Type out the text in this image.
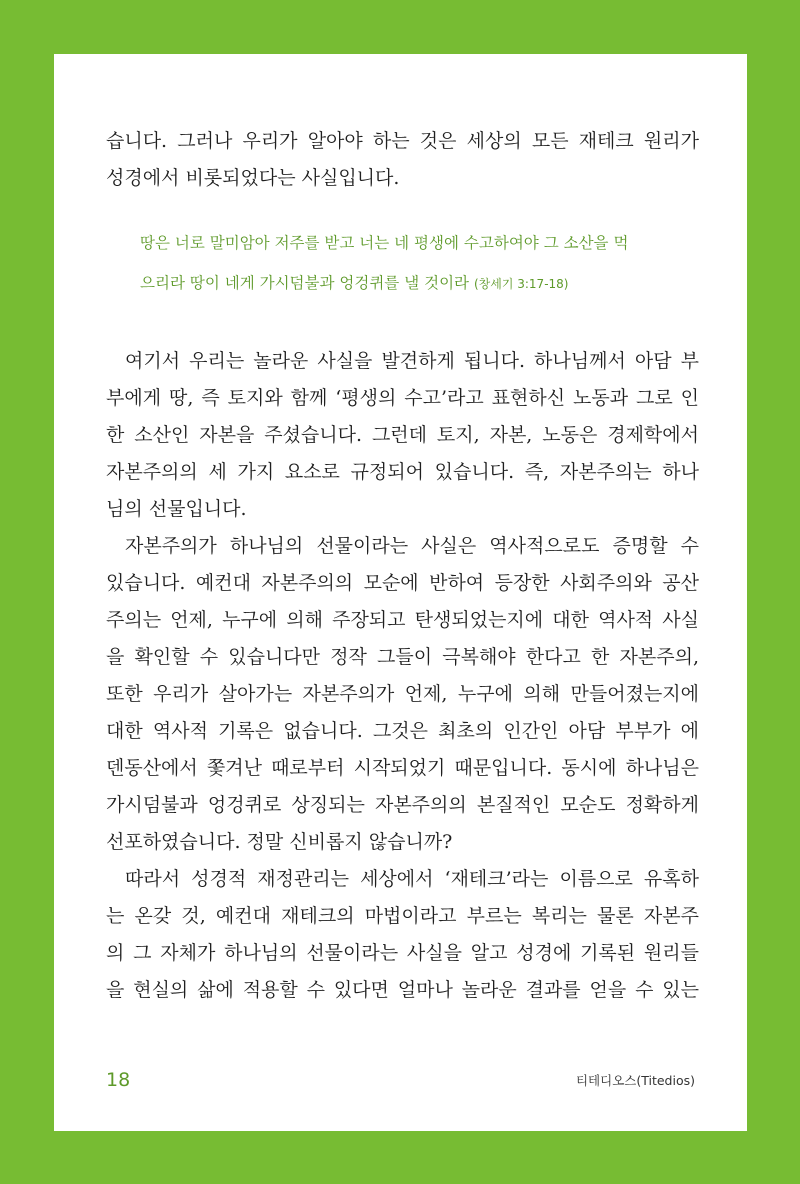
습니다. 그러나 우리가 알아야 하는 것은 세상의 모든 재테크 원리가
성경에서 비롯되었다는 사실입니다.
땅은 너로 말미암아 저주를 받고 너는 네 평생에 수고하여야 그 소산을 먹
으리라 땅이 네게 가시덤불과 엉겅퀴를 낼 것이라 (창세기 3:17-18)
여기서 우리는 놀라운 사실을 발견하게 됩니다. 하나님께서 아담 부
부에게 땅, 즉 토지와 함께 ‘평생의 수고’라고 표현하신 노동과 그로 인
한 소산인 자본을 주셨습니다. 그런데 토지, 자본, 노동은 경제학에서
자본주의의 세 가지 요소로 규정되어 있습니다. 즉, 자본주의는 하나
님의 선물입니다.
자본주의가 하나님의 선물이라는 사실은 역사적으로도 증명할 수
있습니다. 예컨대 자본주의의 모순에 반하여 등장한 사회주의와 공산
주의는 언제, 누구에 의해 주장되고 탄생되었는지에 대한 역사적 사실
을 확인할 수 있습니다만 정작 그들이 극복해야 한다고 한 자본주의,
또한 우리가 살아가는 자본주의가 언제, 누구에 의해 만들어졌는지에
대한 역사적 기록은 없습니다. 그것은 최초의 인간인 아담 부부가 에
덴동산에서 쫓겨난 때로부터 시작되었기 때문입니다. 동시에 하나님은
가시덤불과 엉겅퀴로 상징되는 자본주의의 본질적인 모순도 정확하게
선포하였습니다. 정말 신비롭지 않습니까?
따라서 성경적 재정관리는 세상에서 ‘재테크’라는 이름으로 유혹하
는 온갖 것, 예컨대 재테크의 마법이라고 부르는 복리는 물론 자본주
의 그 자체가 하나님의 선물이라는 사실을 알고 성경에 기록된 원리들
을 현실의 삶에 적용할 수 있다면 얼마나 놀라운 결과를 얻을 수 있는
18	티테디오스(Titedios)
